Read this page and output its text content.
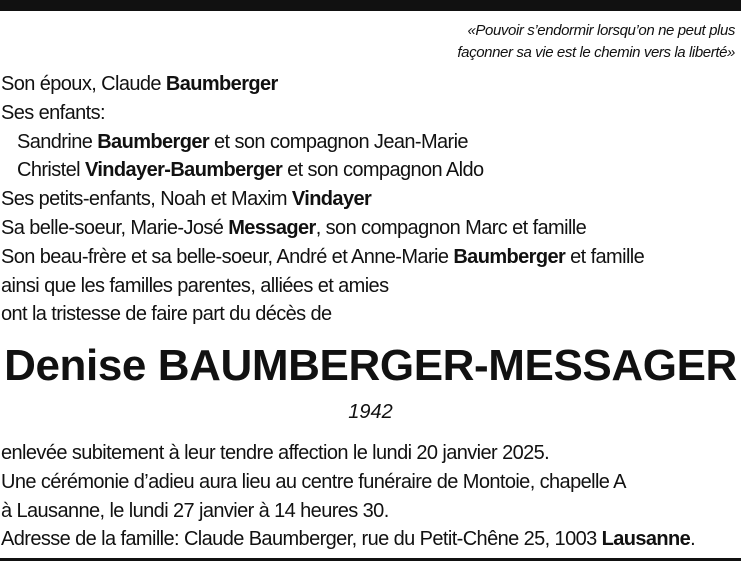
«Pouvoir s’endormir lorsqu’on ne peut plus
façonner sa vie est le chemin vers la liberté»
Son époux, Claude Baumberger
Ses enfants:
Sandrine Baumberger et son compagnon Jean-Marie
Christel Vindayer-Baumberger et son compagnon Aldo
Ses petits-enfants, Noah et Maxim Vindayer
Sa belle-soeur, Marie-José Messager, son compagnon Marc et famille
Son beau-frère et sa belle-soeur, André et Anne-Marie Baumberger et famille
ainsi que les familles parentes, alliées et amies
ont la tristesse de faire part du décès de
Denise BAUMBERGER-MESSAGER
1942
enlevée subitement à leur tendre affection le lundi 20 janvier 2025.
Une cérémonie d’adieu aura lieu au centre funéraire de Montoie, chapelle A
à Lausanne, le lundi 27 janvier à 14 heures 30.
Adresse de la famille: Claude Baumberger, rue du Petit-Chêne 25, 1003 Lausanne.
